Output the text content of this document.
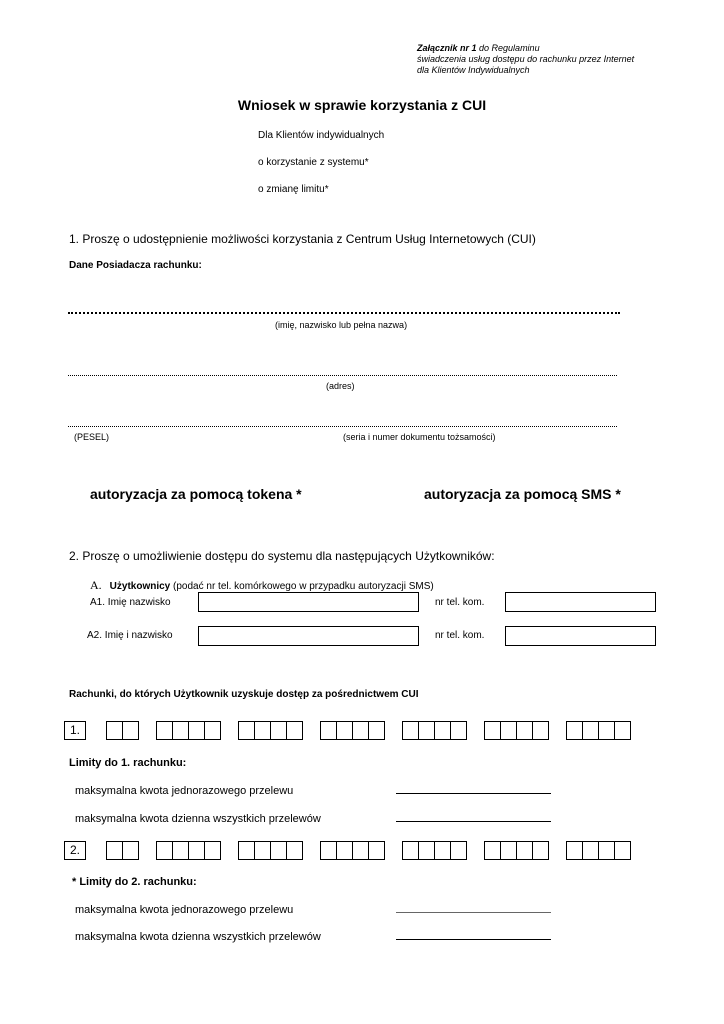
Załącznik nr 1 do Regulaminu
świadczenia usług dostępu do rachunku przez Internet
dla Klientów Indywidualnych
Wniosek w sprawie korzystania z CUI
Dla Klientów indywidualnych
o korzystanie z systemu*
o zmianę limitu*
1. Proszę o udostępnienie możliwości korzystania z Centrum Usług Internetowych (CUI)
Dane Posiadacza rachunku:
(imię, nazwisko lub pełna nazwa)
(adres)
(PESEL)	(seria i numer dokumentu tożsamości)
autoryzacja za pomocą tokena *	autoryzacja za pomocą SMS *
2. Proszę o umożliwienie dostępu do systemu dla następujących Użytkowników:
A. Użytkownicy (podać nr tel. komórkowego w przypadku autoryzacji SMS)
A1. Imię nazwisko	nr tel. kom.
A2. Imię i nazwisko	nr tel. kom.
Rachunki, do których Użytkownik uzyskuje dostęp za pośrednictwem CUI
1.
Limity do 1. rachunku:
maksymalna kwota jednorazowego przelewu
maksymalna kwota dzienna wszystkich przelewów
2.
* Limity do 2. rachunku:
maksymalna kwota jednorazowego przelewu
maksymalna kwota dzienna wszystkich przelewów
